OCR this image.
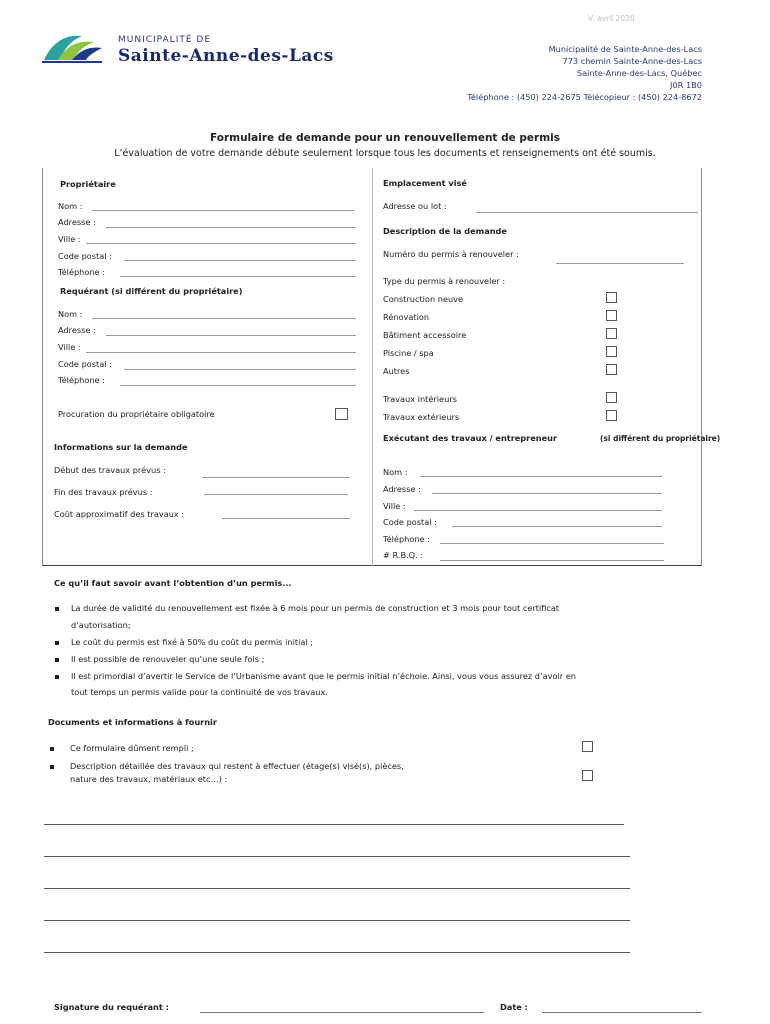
V. avril 2020
MUNICIPALITÉ DE
Sainte-Anne-des-Lacs	Municipalité de Sainte-Anne-des-Lacs
773 chemin Sainte-Anne-des-Lacs
Sainte-Anne-des-Lacs, Québec
J0R 1B0
Téléphone : (450) 224-2675 Télécopieur : (450) 224-8672
Formulaire de demande pour un renouvellement de permis
L’évaluation de votre demande débute seulement lorsque tous les documents et renseignements ont été soumis.
Propriétaire
Nom :
Adresse :
Ville :
Code postal :
Téléphone :
Requérant (si différent du propriétaire)
Nom :
Adresse :
Ville :
Code postal :
Téléphone :
Procuration du propriétaire obligatoire
Informations sur la demande
Début des travaux prévus :
Fin des travaux prévus :
Coût approximatif des travaux :
Emplacement visé
Adresse ou lot :
Description de la demande
Numéro du permis à renouveler :
Type du permis à renouveler :
Construction neuve
Rénovation
Bâtiment accessoire
Piscine / spa
Autres
Travaux intérieurs
Travaux extérieurs
Exécutant des travaux / entrepreneur	(si différent du propriétaire)
Nom :
Adresse :
Ville :
Code postal :
Téléphone :
# R.B.Q. :
Ce qu’il faut savoir avant l’obtention d’un permis...
La durée de validité du renouvellement est fixée à 6 mois pour un permis de construction et 3 mois pour tout certificat
d’autorisation;
Le coût du permis est fixé à 50% du coût du permis initial ;
Il est possible de renouveler qu’une seule fois ;
Il est primordial d’avertir le Service de l’Urbanisme avant que le permis initial n’échoie. Ainsi, vous vous assurez d’avoir en
tout temps un permis valide pour la continuité de vos travaux.
Documents et informations à fournir
Ce formulaire dûment rempli ;
Description détaillée des travaux qui restent à effectuer (étage(s) visé(s), pièces,
nature des travaux, matériaux etc…) :
Signature du requérant :	Date :
